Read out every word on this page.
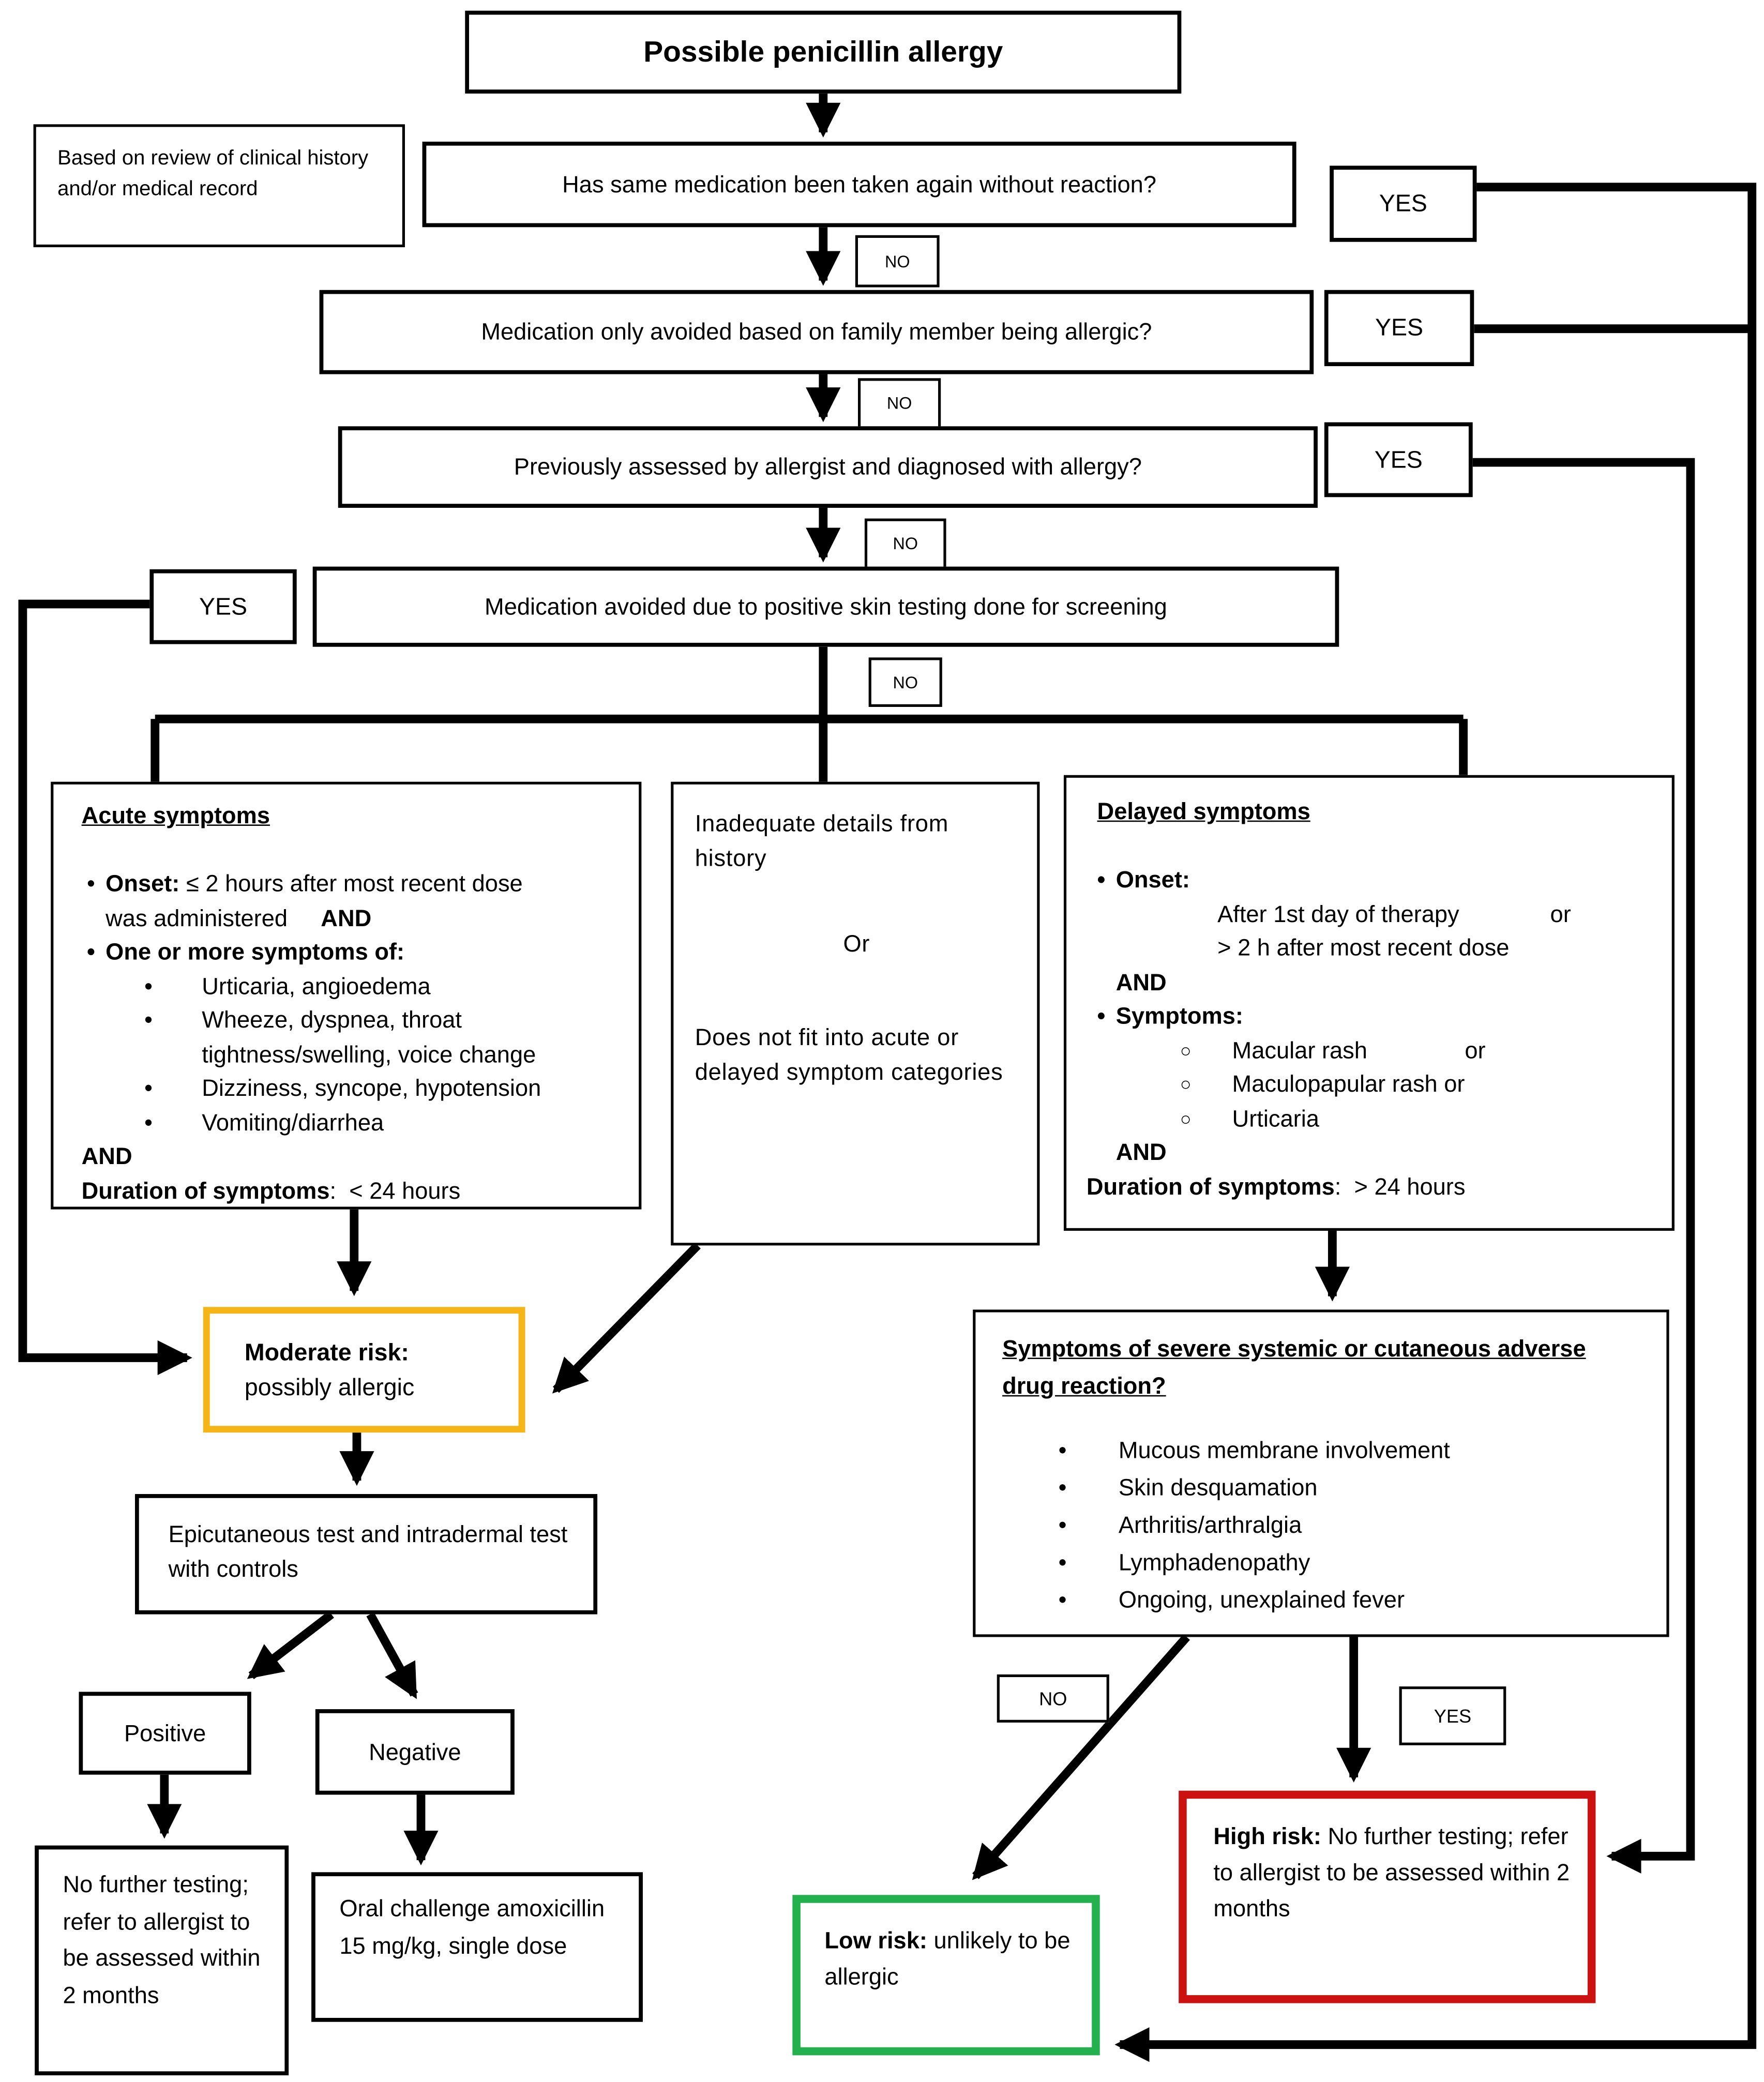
Possible penicillin allergy
Based on review of clinical history and/or medical record	Has same medication been taken again without reaction?
YES
NO
Medication only avoided based on family member being allergic?	YES
NO
Previously assessed by allergist and diagnosed with allergy?	YES
NO
Medication avoided due to positive skin testing done for screening
YES
NO
Acute symptoms
•	Onset: ≤ 2 hours after most recent dose
was administered	AND
•	One or more symptoms of:
•	Urticaria, angioedema
•	Wheeze, dyspnea, throat tightness/swelling, voice change
•	Dizziness, syncope, hypotension
•	Vomiting/diarrhea
AND
Duration of symptoms:  < 24 hours
Inadequate details from history
Or
Does not fit into acute or delayed symptom categories
Delayed symptoms
•	Onset:
After 1st day of therapy              or
> 2 h after most recent dose
AND
•	Symptoms:
○	Macular rash               or
○	Maculopapular rash or
○	Urticaria
AND
Duration of symptoms:  > 24 hours
Moderate risk:
possibly allergic
Epicutaneous test and intradermal test with controls
Positive
Negative
No further testing; refer to allergist to be assessed within 2 months
Oral challenge amoxicillin 15 mg/kg, single dose
Symptoms of severe systemic or cutaneous adverse drug reaction?
•	Mucous membrane involvement
•	Skin desquamation
•	Arthritis/arthralgia
•	Lymphadenopathy
•	Ongoing, unexplained fever
NO
YES
High risk: No further testing; refer to allergist to be assessed within 2 months
Low risk: unlikely to be allergic
